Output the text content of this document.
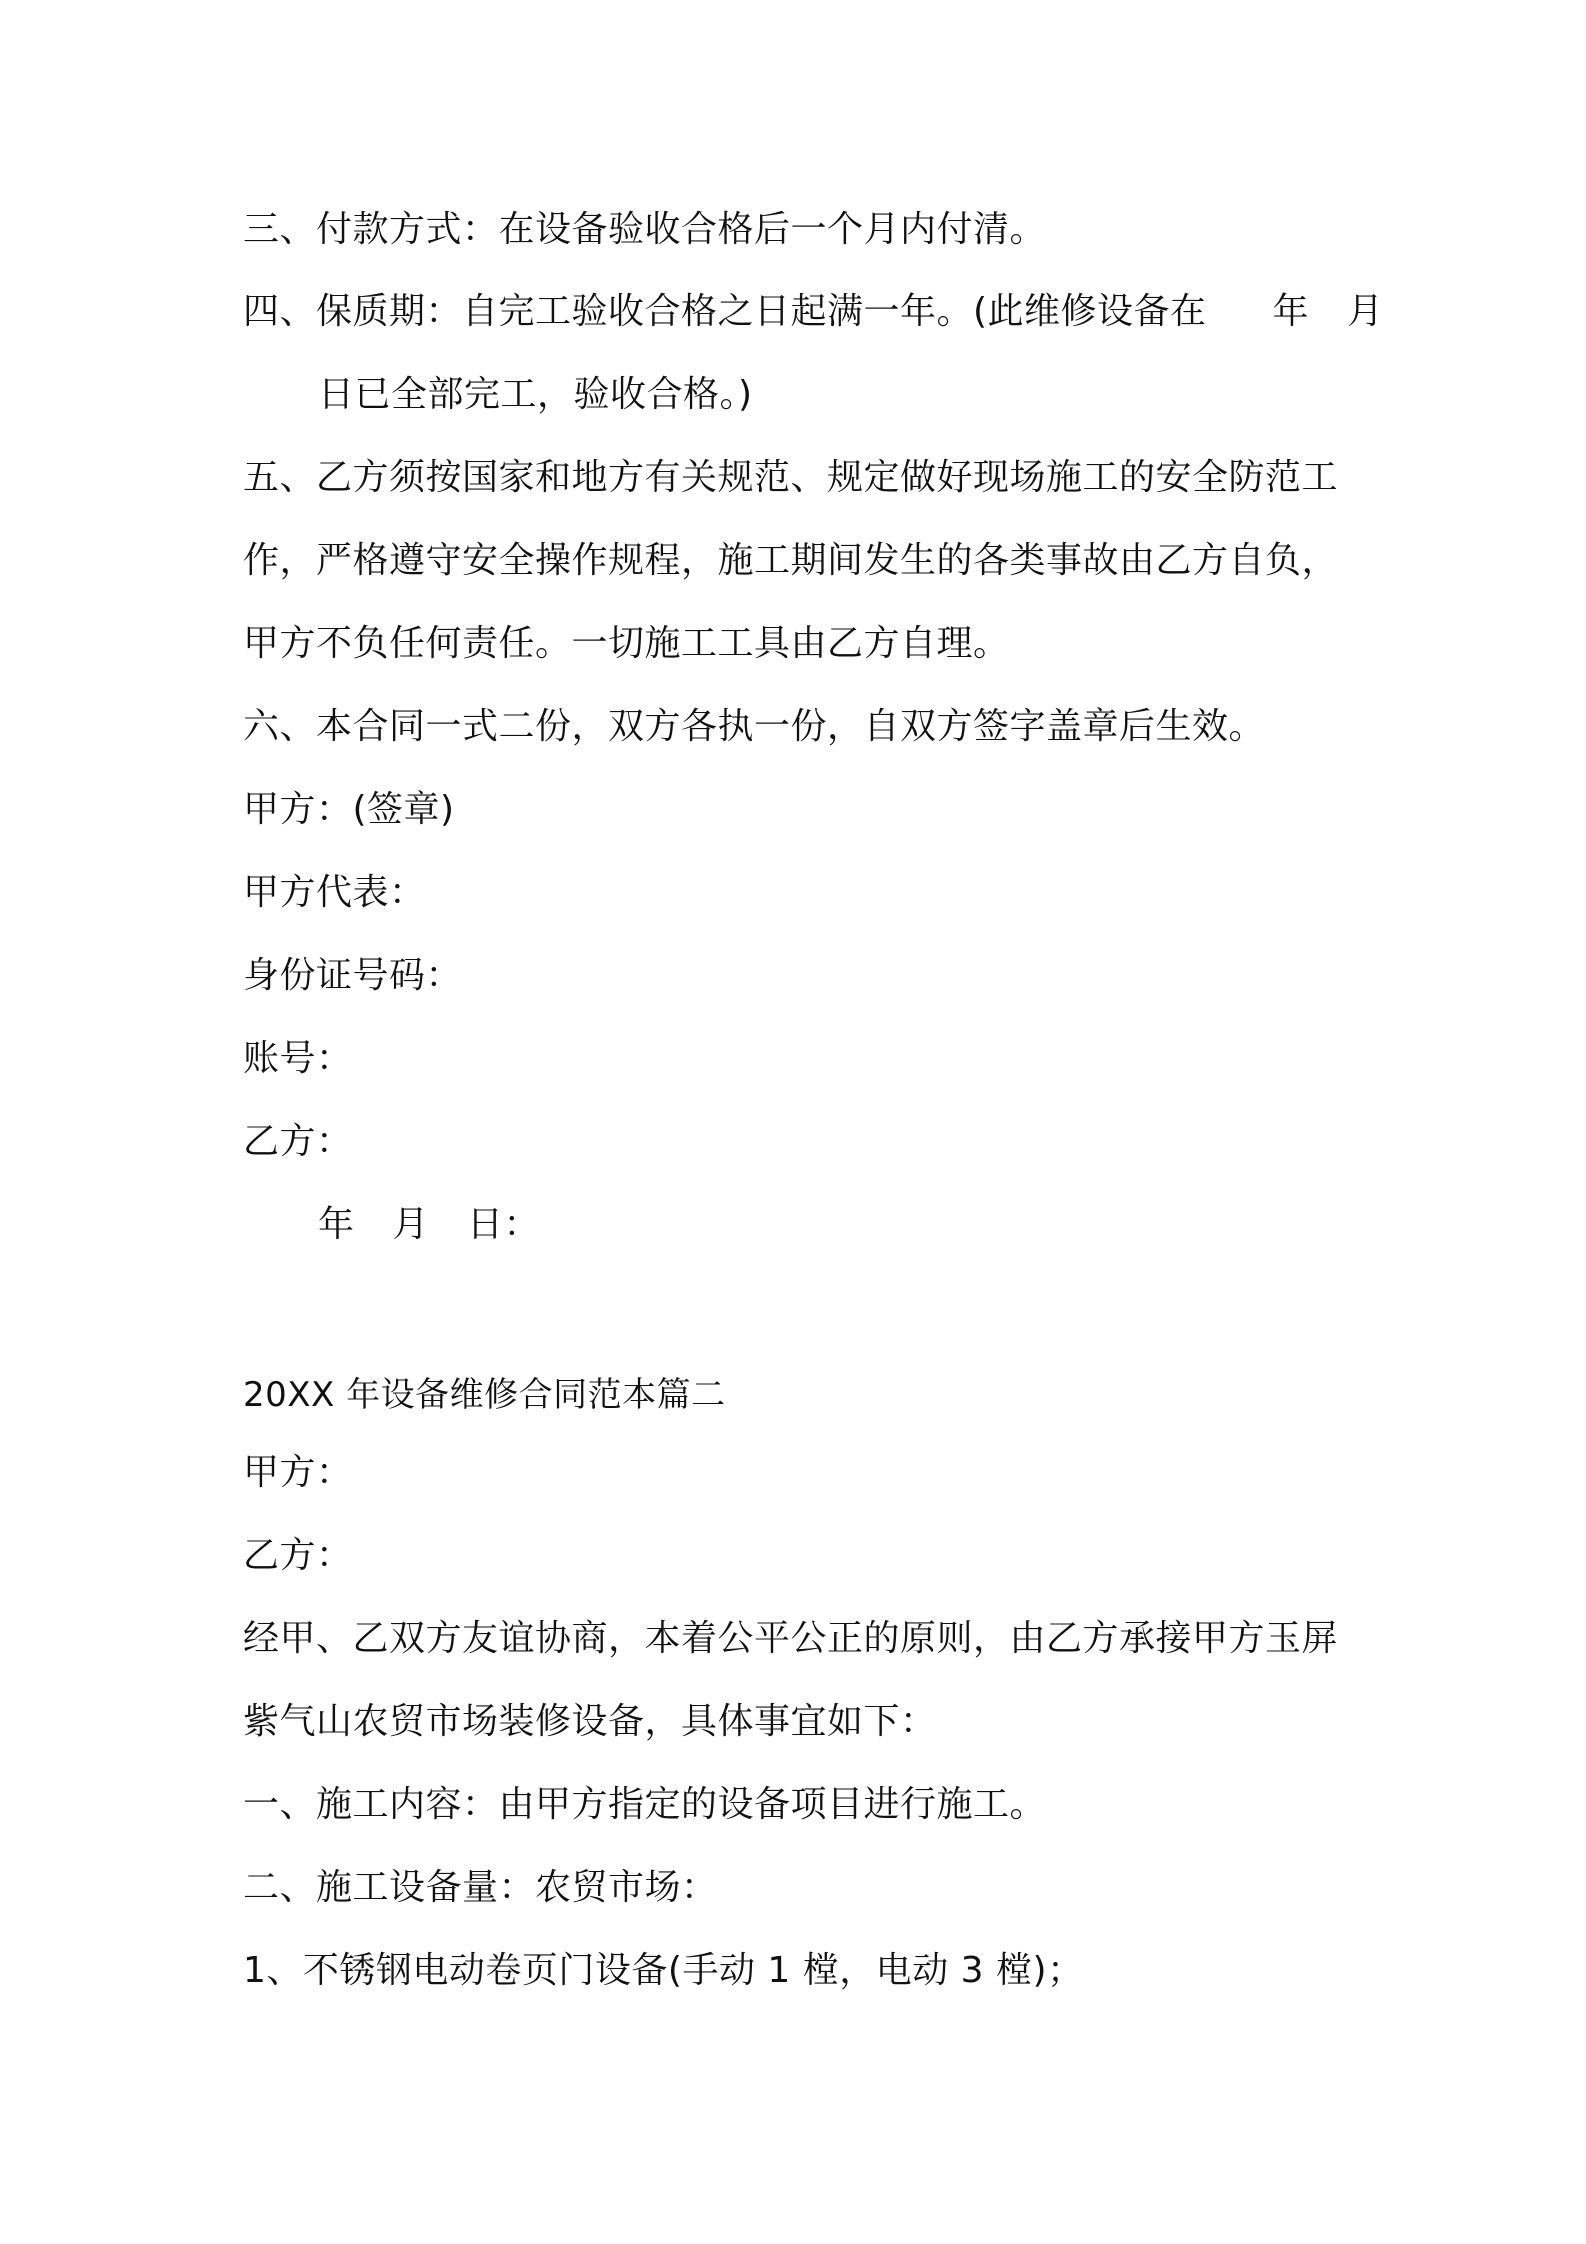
三、付款方式：在设备验收合格后一个月内付清。
四、保质期：自完工验收合格之日起满一年。(此维修设备在 年 月
日已全部完工，验收合格。)
五、乙方须按国家和地方有关规范、规定做好现场施工的安全防范工
作，严格遵守安全操作规程，施工期间发生的各类事故由乙方自负，
甲方不负任何责任。一切施工工具由乙方自理。
六、本合同一式二份，双方各执一份，自双方签字盖章后生效。
甲方：(签章)
甲方代表：
身份证号码：
账号：
乙方：
年 月 日：
20XX 年设备维修合同范本篇二
甲方：
乙方：
经甲、乙双方友谊协商，本着公平公正的原则，由乙方承接甲方玉屏
紫气山农贸市场装修设备，具体事宜如下：
一、施工内容：由甲方指定的设备项目进行施工。
二、施工设备量：农贸市场：
1、不锈钢电动卷页门设备(手动 1 樘，电动 3 樘)；
